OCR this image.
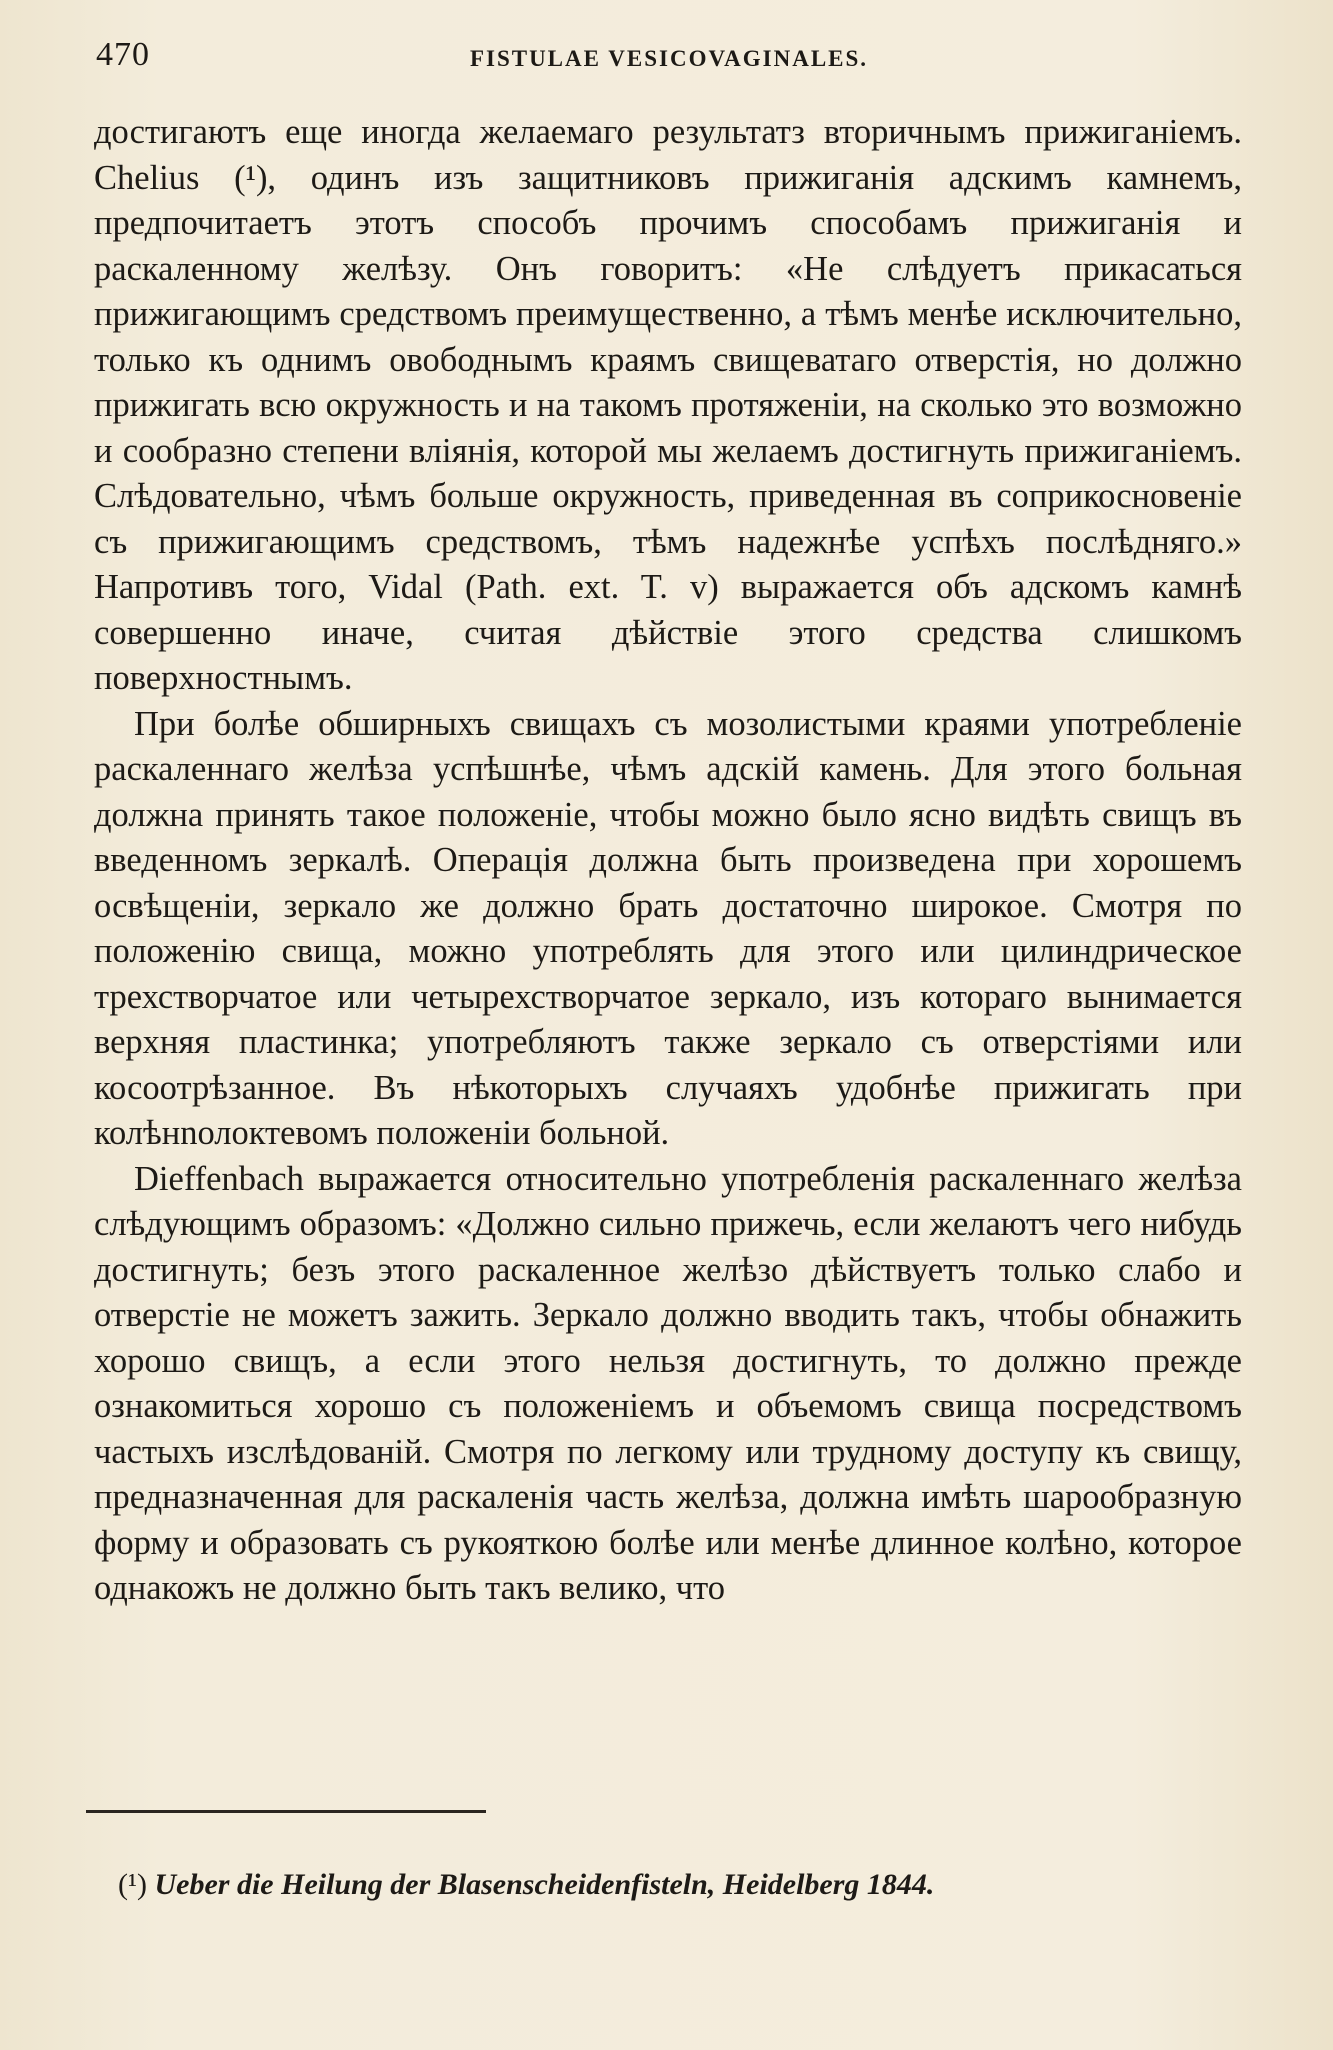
470	FISTULAE VESICOVAGINALES.

достигаютъ еще иногда желаемаго результатз вторичнымъ прижиганіемъ. Chelius (¹), одинъ изъ защитниковъ прижиганія адскимъ камнемъ, предпочитаетъ этотъ способъ прочимъ способамъ прижиганія и раскаленному желѣзу. Онъ говоритъ: «Не слѣдуетъ прикасаться прижигающимъ средствомъ преимущественно, а тѣмъ менѣе исключительно, только къ однимъ овободнымъ краямъ свищеватаго отверстія, но должно прижигать всю окружность и на такомъ протяженіи, на сколько это возможно и сообразно степени вліянія, которой мы желаемъ достигнуть прижиганіемъ. Слѣдовательно, чѣмъ больше окружность, приведенная въ соприкосновеніе съ прижигающимъ средствомъ, тѣмъ надежнѣе успѣхъ послѣдняго.» Напротивъ того, Vidal (Path. ext. T. v) выражается объ адскомъ камнѣ совершенно иначе, считая дѣйствіе этого средства слишкомъ поверхностнымъ.

При болѣе обширныхъ свищахъ съ мозолистыми краями употребленіе раскаленнаго желѣза успѣшнѣе, чѣмъ адскій камень. Для этого больная должна принять такое положеніе, чтобы можно было ясно видѣть свищъ въ введенномъ зеркалѣ. Операція должна быть произведена при хорошемъ освѣщеніи, зеркало же должно брать достаточно широкое. Смотря по положенію свища, можно употреблять для этого или цилиндрическое трехстворчатое или четырехстворчатое зеркало, изъ котораго вынимается верхняя пластинка; употребляютъ также зеркало съ отверстіями или косоотрѣзанное. Въ нѣкоторыхъ случаяхъ удобнѣе прижигать при колѣнnолоктевомъ положеніи больной.

Dieffenbach выражается относительно употребленія раскаленнаго желѣза слѣдующимъ образомъ: «Должно сильно прижечь, если желаютъ чего нибудь достигнуть; безъ этого раскаленное желѣзо дѣйствуетъ только слабо и отверстіе не можетъ зажить. Зеркало должно вводить такъ, чтобы обнажить хорошо свищъ, а если этого нельзя достигнуть, то должно прежде ознакомиться хорошо съ положеніемъ и объемомъ свища посредствомъ частыхъ изслѣдованій. Смотря по легкому или трудному доступу къ свищу, предназначенная для раскаленія часть желѣза, должна имѣть шарообразную форму и образовать съ рукояткою болѣе или менѣе длинное колѣно, которое однакожъ не должно быть такъ велико, что

(¹) Ueber die Heilung der Blasenscheidenfisteln, Heidelberg 1844.
